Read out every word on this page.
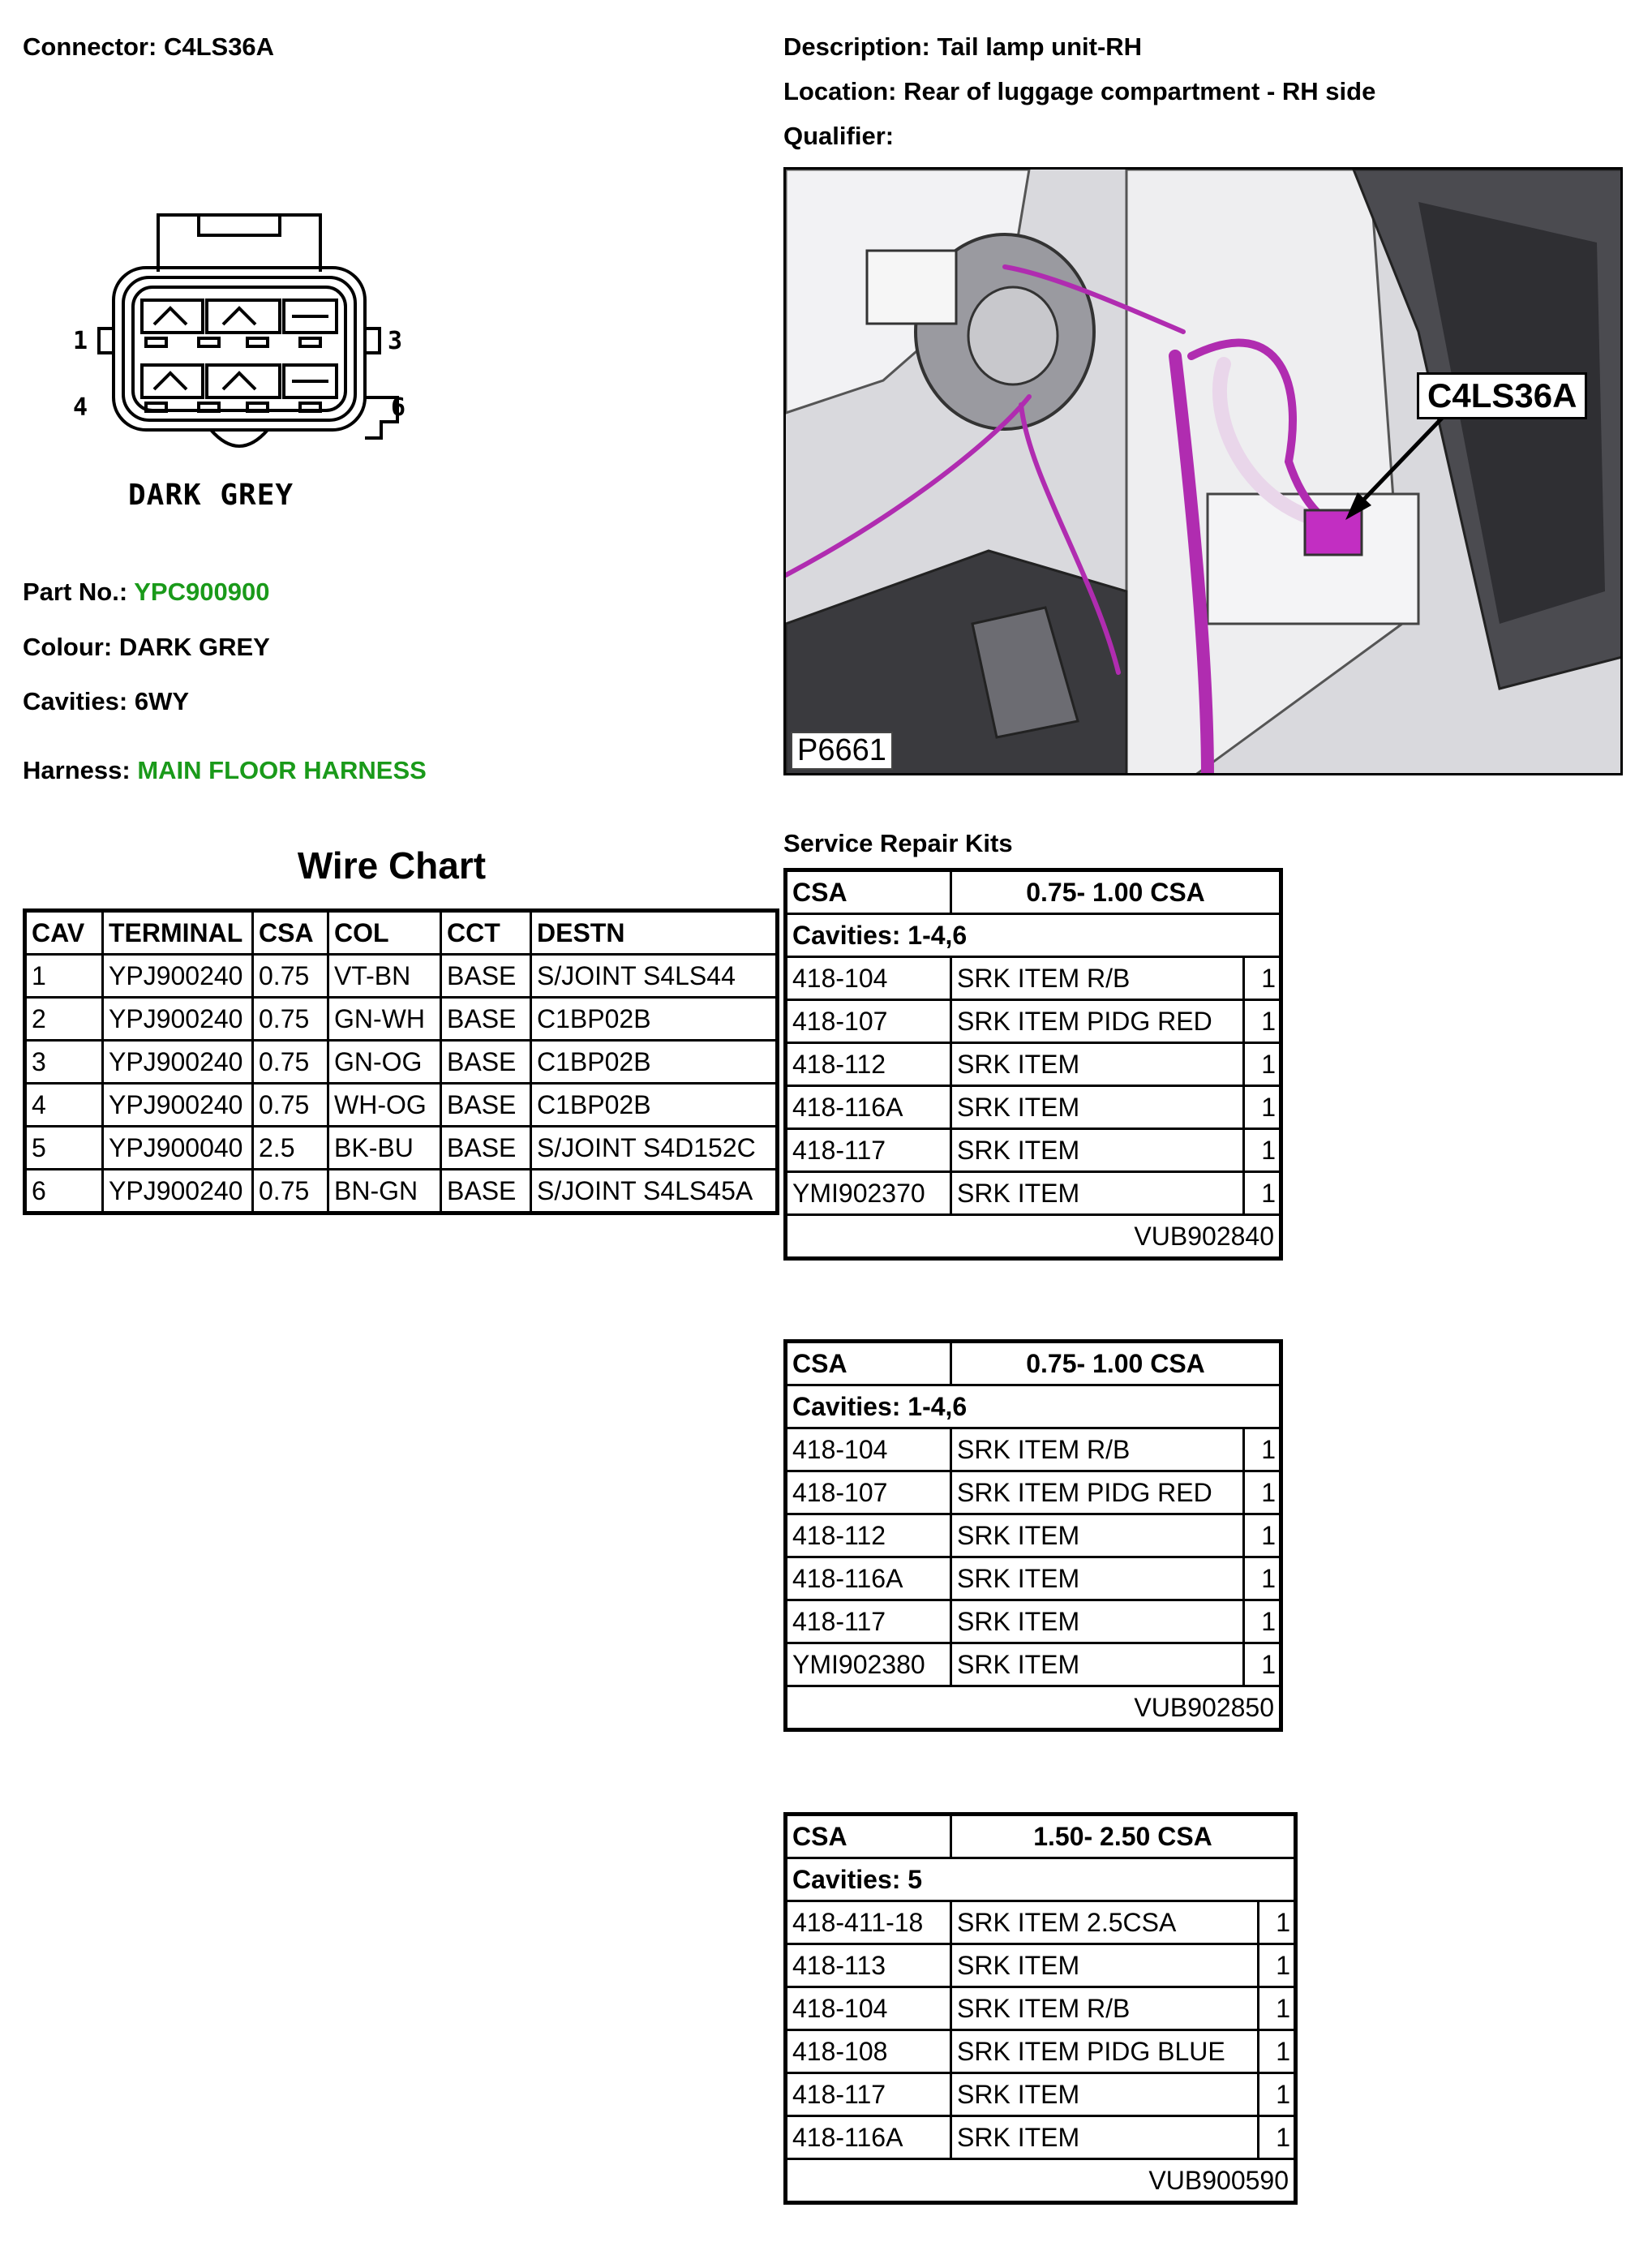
Connector: C4LS36A	Description: Tail lamp unit-RH
Location: Rear of luggage compartment - RH side
Qualifier:
1	3
4	6
DARK GREY
Part No.: YPC900900
Colour: DARK GREY
Cavities: 6WY
Harness: MAIN FLOOR HARNESS
C4LS36A
P6661
Wire Chart
CAV	TERMINAL	CSA	COL	CCT	DESTN
1	YPJ900240	0.75	VT-BN	BASE	S/JOINT S4LS44
2	YPJ900240	0.75	GN-WH	BASE	C1BP02B
3	YPJ900240	0.75	GN-OG	BASE	C1BP02B
4	YPJ900240	0.75	WH-OG	BASE	C1BP02B
5	YPJ900040	2.5	BK-BU	BASE	S/JOINT S4D152C
6	YPJ900240	0.75	BN-GN	BASE	S/JOINT S4LS45A
Service Repair Kits
CSA	0.75- 1.00 CSA	
Cavities: 1-4,6		
418-104	SRK ITEM R/B	1
418-107	SRK ITEM PIDG RED	1
418-112	SRK ITEM	1
418-116A	SRK ITEM	1
418-117	SRK ITEM	1
YMI902370	SRK ITEM	1
VUB902840		
CSA	0.75- 1.00 CSA	
Cavities: 1-4,6		
418-104	SRK ITEM R/B	1
418-107	SRK ITEM PIDG RED	1
418-112	SRK ITEM	1
418-116A	SRK ITEM	1
418-117	SRK ITEM	1
YMI902380	SRK ITEM	1
VUB902850		
CSA	1.50- 2.50 CSA	
Cavities: 5		
418-411-18	SRK ITEM 2.5CSA	1
418-113	SRK ITEM	1
418-104	SRK ITEM R/B	1
418-108	SRK ITEM PIDG BLUE	1
418-117	SRK ITEM	1
418-116A	SRK ITEM	1
VUB900590		
